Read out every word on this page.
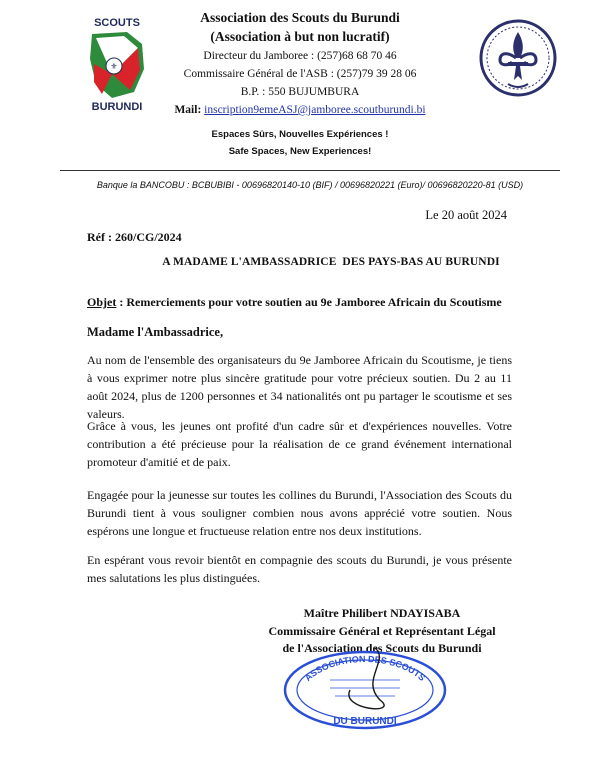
SCOUTS
⚜
BURUNDI
Association des Scouts du Burundi
(Association à but non lucratif)
Directeur du Jamboree : (257)68 68 70 46
Commissaire Général de l'ASB : (257)79 39 28 06
B.P. : 550 BUJUMBURA
Mail: inscription9emeASJ@jamboree.scoutburundi.bi
Espaces Sûrs, Nouvelles Expériences !
Safe Spaces, New Experiences!
Banque la BANCOBU : BCBUBIBI - 00696820140-10 (BIF) / 00696820221 (Euro)/ 00696820220-81 (USD)
Le 20 août 2024
Réf : 260/CG/2024
A MADAME L'AMBASSADRICE DES PAYS-BAS AU BURUNDI
Objet : Remerciements pour votre soutien au 9e Jamboree Africain du Scoutisme
Madame l'Ambassadrice,
Au nom de l'ensemble des organisateurs du 9e Jamboree Africain du Scoutisme, je tiens à vous exprimer notre plus sincère gratitude pour votre précieux soutien. Du 2 au 11 août 2024, plus de 1200 personnes et 34 nationalités ont pu partager le scoutisme et ses valeurs.
Grâce à vous, les jeunes ont profité d'un cadre sûr et d'expériences nouvelles. Votre contribution a été précieuse pour la réalisation de ce grand événement international promoteur d'amitié et de paix.
Engagée pour la jeunesse sur toutes les collines du Burundi, l'Association des Scouts du Burundi tient à vous souligner combien nous avons apprécié votre soutien. Nous espérons une longue et fructueuse relation entre nos deux institutions.
En espérant vous revoir bientôt en compagnie des scouts du Burundi, je vous présente mes salutations les plus distinguées.
Maître Philibert NDAYISABA
Commissaire Général et Représentant Légal
de l'Association des Scouts du Burundi
ASSOCIATION DES SCOUTS
DU BURUNDI
